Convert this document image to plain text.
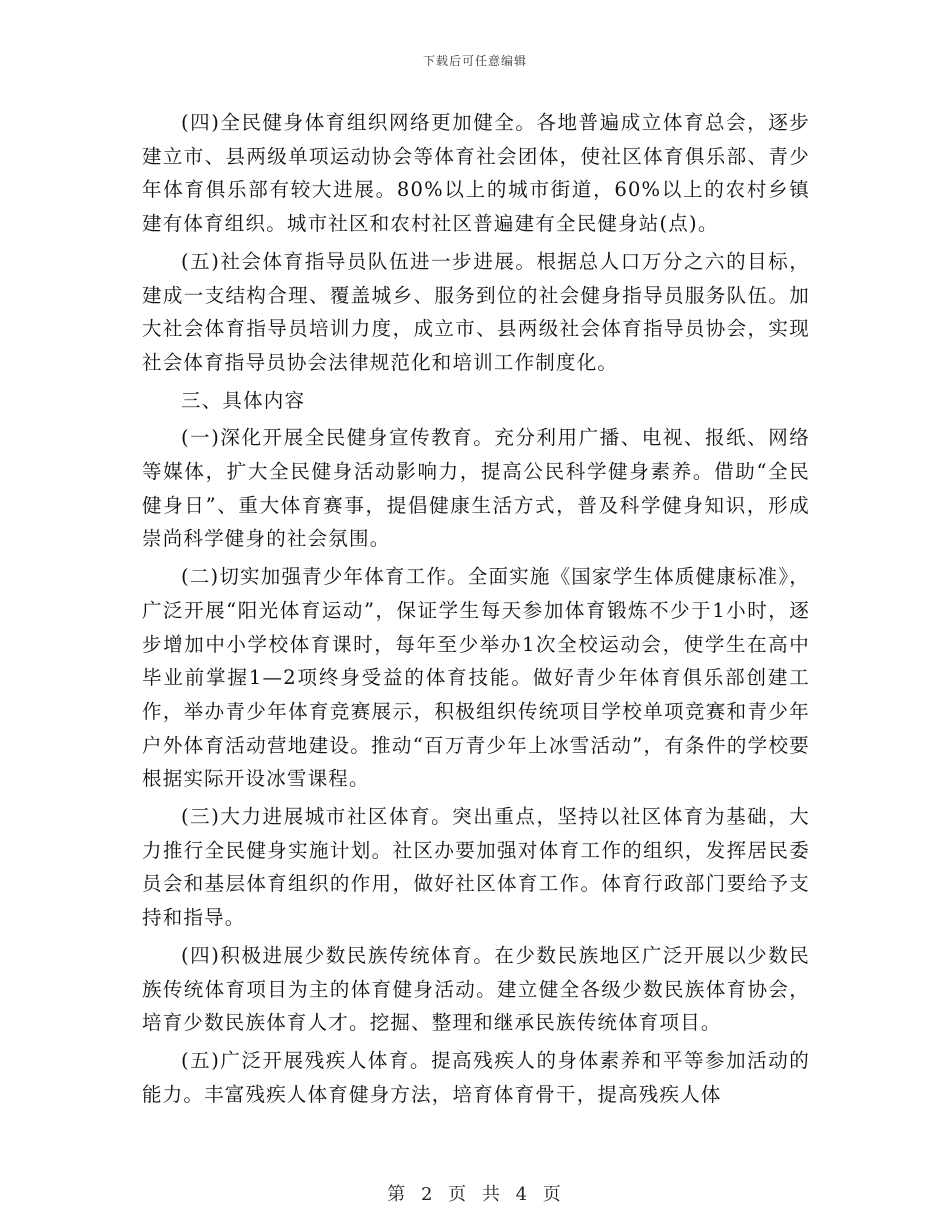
下载后可任意编辑

(四)全民健身体育组织网络更加健全。各地普遍成立体育总会，逐步建立市、县两级单项运动协会等体育社会团体，使社区体育俱乐部、青少年体育俱乐部有较大进展。80%以上的城市街道，60%以上的农村乡镇建有体育组织。城市社区和农村社区普遍建有全民健身站(点)。

(五)社会体育指导员队伍进一步进展。根据总人口万分之六的目标，建成一支结构合理、覆盖城乡、服务到位的社会健身指导员服务队伍。加大社会体育指导员培训力度，成立市、县两级社会体育指导员协会，实现社会体育指导员协会法律规范化和培训工作制度化。

三、具体内容

(一)深化开展全民健身宣传教育。充分利用广播、电视、报纸、网络等媒体，扩大全民健身活动影响力，提高公民科学健身素养。借助“全民健身日”、重大体育赛事，提倡健康生活方式，普及科学健身知识，形成崇尚科学健身的社会氛围。

(二)切实加强青少年体育工作。全面实施《国家学生体质健康标准》，广泛开展“阳光体育运动”，保证学生每天参加体育锻炼不少于1小时，逐步增加中小学校体育课时，每年至少举办1次全校运动会，使学生在高中毕业前掌握1—2项终身受益的体育技能。做好青少年体育俱乐部创建工作，举办青少年体育竞赛展示，积极组织传统项目学校单项竞赛和青少年户外体育活动营地建设。推动“百万青少年上冰雪活动”，有条件的学校要根据实际开设冰雪课程。

(三)大力进展城市社区体育。突出重点，坚持以社区体育为基础，大力推行全民健身实施计划。社区办要加强对体育工作的组织，发挥居民委员会和基层体育组织的作用，做好社区体育工作。体育行政部门要给予支持和指导。

(四)积极进展少数民族传统体育。在少数民族地区广泛开展以少数民族传统体育项目为主的体育健身活动。建立健全各级少数民族体育协会，培育少数民族体育人才。挖掘、整理和继承民族传统体育项目。

(五)广泛开展残疾人体育。提高残疾人的身体素养和平等参加活动的能力。丰富残疾人体育健身方法，培育体育骨干，提高残疾人体

第 2 页 共 4 页
